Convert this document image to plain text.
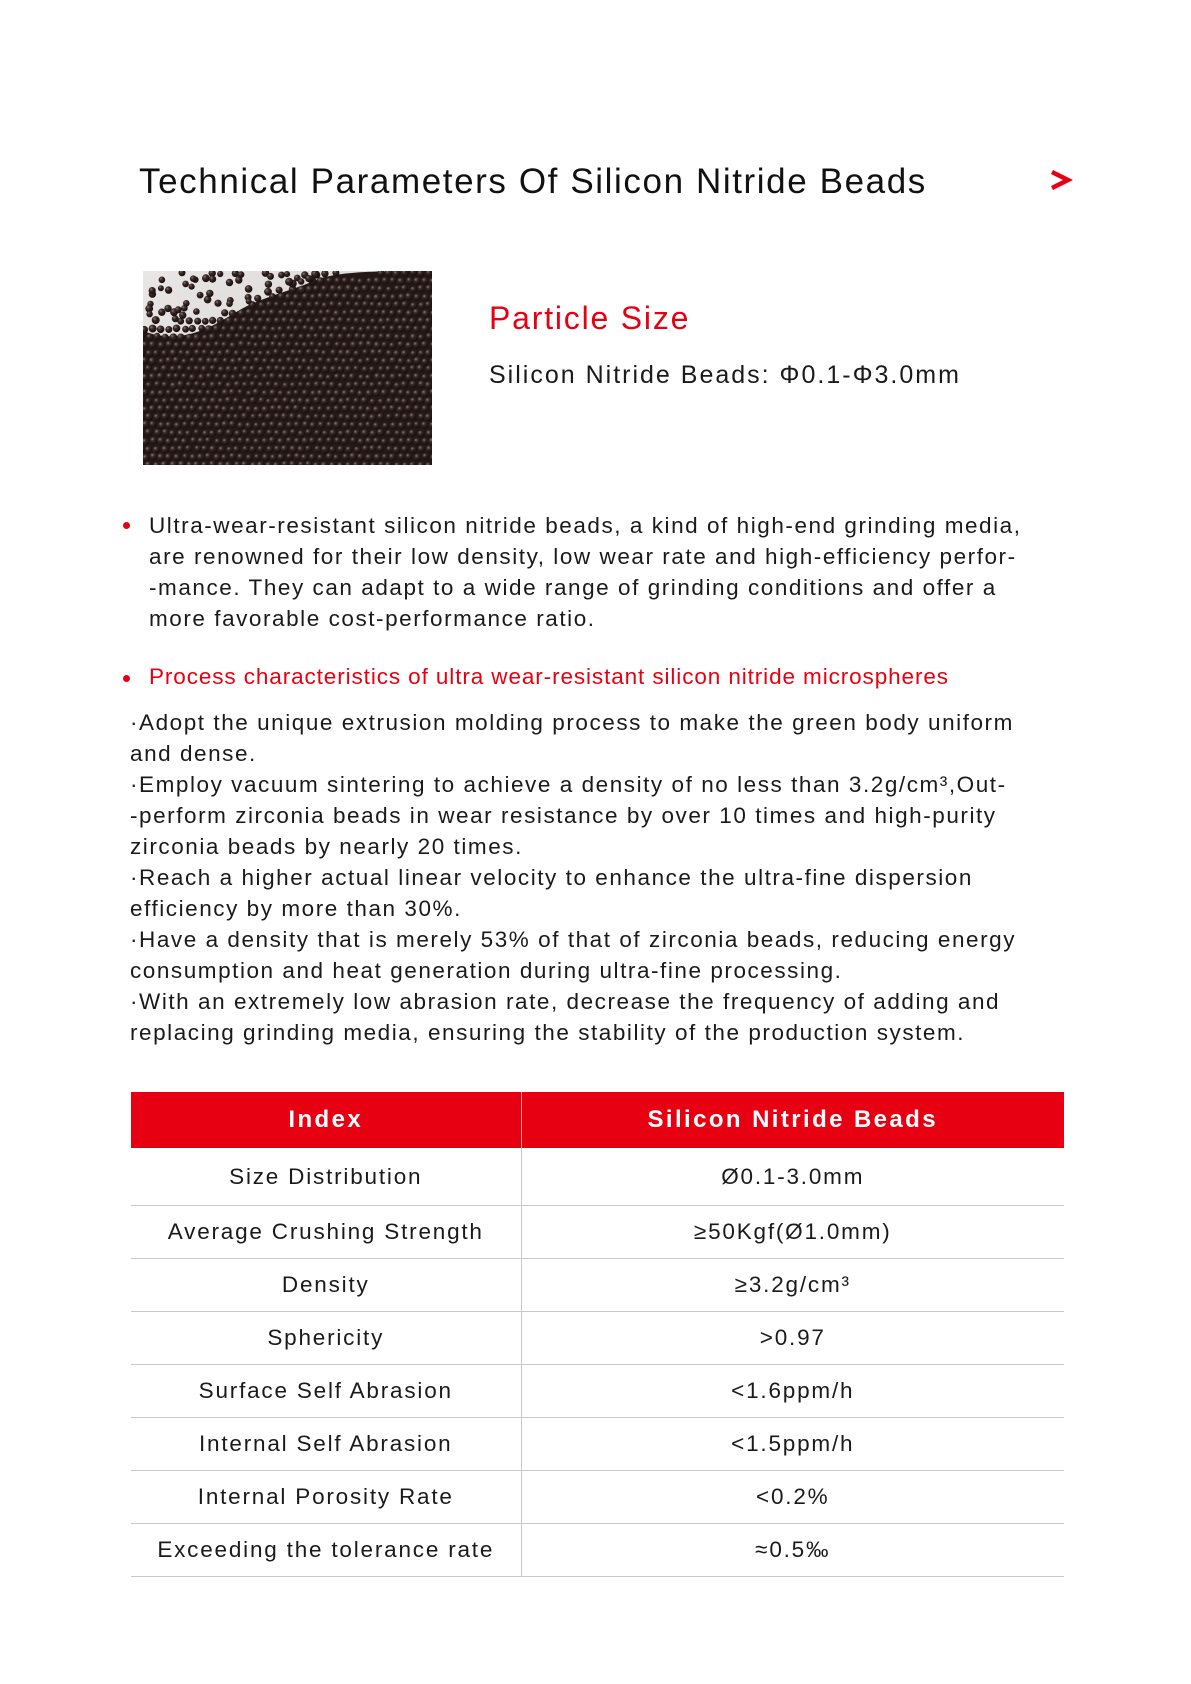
Technical Parameters Of Silicon Nitride Beads
Particle Size
Silicon Nitride Beads: Φ0.1-Φ3.0mm
Ultra-wear-resistant silicon nitride beads, a kind of high-end grinding media,
are renowned for their low density, low wear rate and high-efficiency perfor-
-mance. They can adapt to a wide range of grinding conditions and offer a
more favorable cost-performance ratio.
Process characteristics of ultra wear-resistant silicon nitride microspheres
·Adopt the unique extrusion molding process to make the green body uniform
and dense.
·Employ vacuum sintering to achieve a density of no less than 3.2g/cm³,Out-
-perform zirconia beads in wear resistance by over 10 times and high-purity
zirconia beads by nearly 20 times.
·Reach a higher actual linear velocity to enhance the ultra-fine dispersion
efficiency by more than 30%.
·Have a density that is merely 53% of that of zirconia beads, reducing energy
consumption and heat generation during ultra-fine processing.
·With an extremely low abrasion rate, decrease the frequency of adding and
replacing grinding media, ensuring the stability of the production system.
Index	Silicon Nitride Beads
Size Distribution	Ø0.1-3.0mm
Average Crushing Strength	≥50Kgf(Ø1.0mm)
Density	≥3.2g/cm³
Sphericity	>0.97
Surface Self Abrasion	<1.6ppm/h
Internal Self Abrasion	<1.5ppm/h
Internal Porosity Rate	<0.2%
Exceeding the tolerance rate	≈0.5‰
